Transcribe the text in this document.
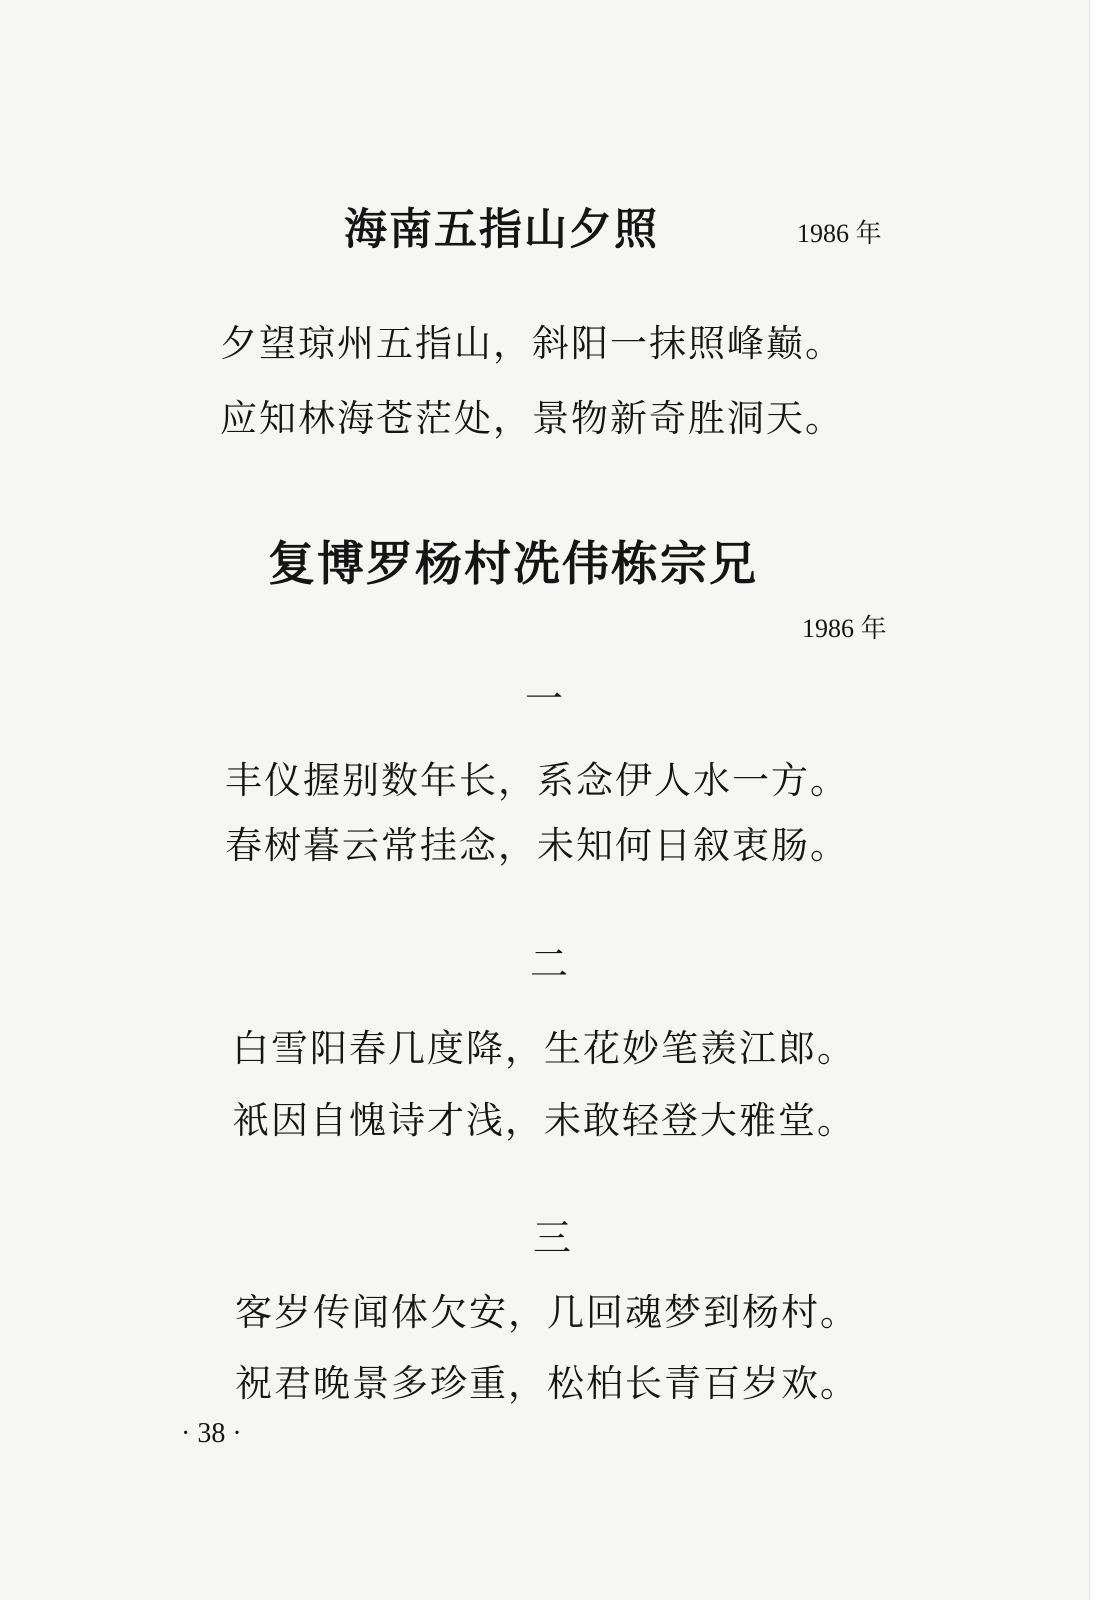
海南五指山夕照	1986 年
夕望琼州五指山，斜阳一抹照峰巅。
应知林海苍茫处，景物新奇胜洞天。
复博罗杨村冼伟栋宗兄
1986 年
一
丰仪握别数年长，系念伊人水一方。
春树暮云常挂念，未知何日叙衷肠。
二
白雪阳春几度降，生花妙笔羡江郎。
衹因自愧诗才浅，未敢轻登大雅堂。
三
客岁传闻体欠安，几回魂梦到杨村。
祝君晚景多珍重，松柏长青百岁欢。
· 38 ·
